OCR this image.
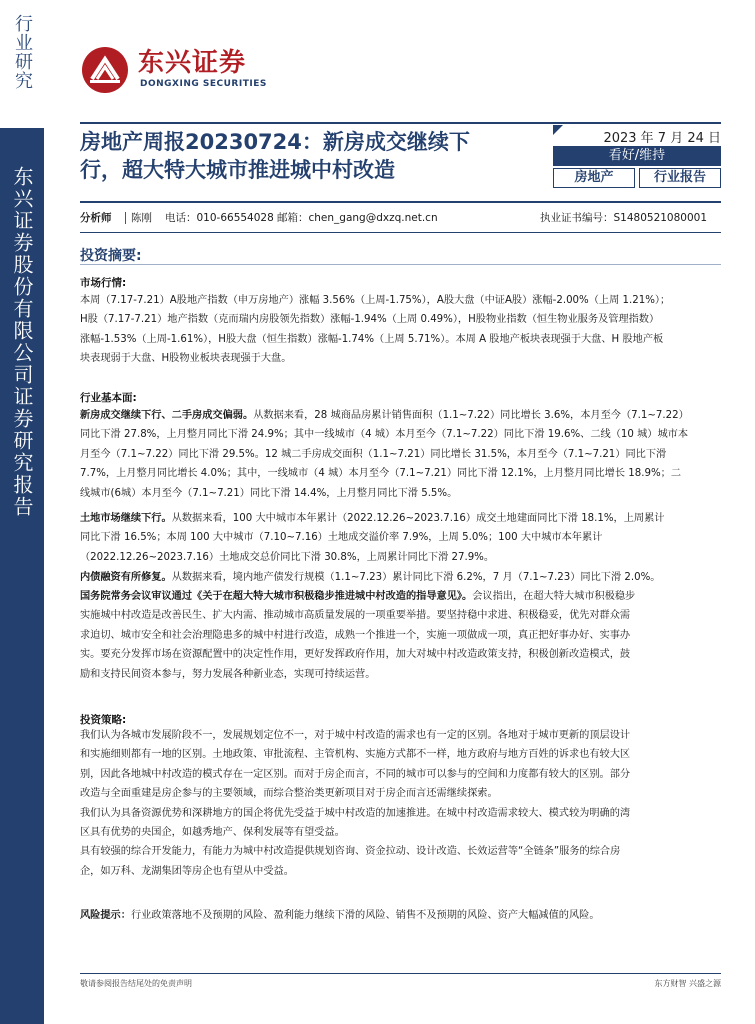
行业研究
东兴证券股份有限公司证券研究报告
东兴证券
DONGXING SECURITIES
房地产周报20230724：新房成交继续下
行，超大特大城市推进城中村改造
2023 年 7 月 24 日
看好/维持
房地产	行业报告
分析师 陈刚 电话：010-66554028 邮箱：chen_gang@dxzq.net.cn	执业证书编号：S1480521080001
投资摘要:
市场行情:
本周（7.17-7.21）A股地产指数（申万房地产）涨幅 3.56%（上周-1.75%），A股大盘（中证A股）涨幅-2.00%（上周 1.21%）；
H股（7.17-7.21）地产指数（克而瑞内房股领先指数）涨幅-1.94%（上周 0.49%），H股物业指数（恒生物业服务及管理指数）
涨幅-1.53%（上周-1.61%），H股大盘（恒生指数）涨幅-1.74%（上周 5.71%）。本周 A 股地产板块表现强于大盘、H 股地产板
块表现弱于大盘、H股物业板块表现强于大盘。
行业基本面:
新房成交继续下行、二手房成交偏弱。从数据来看，28 城商品房累计销售面积（1.1~7.22）同比增长 3.6%，本月至今（7.1~7.22）
同比下滑 27.8%，上月整月同比下滑 24.9%；其中一线城市（4 城）本月至今（7.1~7.22）同比下滑 19.6%、二线（10 城）城市本
月至今（7.1~7.22）同比下滑 29.5%。12 城二手房成交面积（1.1~7.21）同比增长 31.5%，本月至今（7.1~7.21）同比下滑
7.7%，上月整月同比增长 4.0%；其中，一线城市（4 城）本月至今（7.1~7.21）同比下滑 12.1%，上月整月同比增长 18.9%；二
线城市(6城）本月至今（7.1~7.21）同比下滑 14.4%，上月整月同比下滑 5.5%。
土地市场继续下行。从数据来看，100 大中城市本年累计（2022.12.26~2023.7.16）成交土地建面同比下滑 18.1%，上周累计
同比下滑 16.5%；本周 100 大中城市（7.10~7.16）土地成交溢价率 7.9%，上周 5.0%；100 大中城市本年累计
（2022.12.26~2023.7.16）土地成交总价同比下滑 30.8%，上周累计同比下滑 27.9%。
内债融资有所修复。从数据来看，境内地产债发行规模（1.1~7.23）累计同比下滑 6.2%，7 月（7.1~7.23）同比下滑 2.0%。
国务院常务会议审议通过《关于在超大特大城市积极稳步推进城中村改造的指导意见》。会议指出，在超大特大城市积极稳步
实施城中村改造是改善民生、扩大内需、推动城市高质量发展的一项重要举措。要坚持稳中求进、积极稳妥，优先对群众需
求迫切、城市安全和社会治理隐患多的城中村进行改造，成熟一个推进一个，实施一项做成一项，真正把好事办好、实事办
实。要充分发挥市场在资源配置中的决定性作用，更好发挥政府作用，加大对城中村改造政策支持，积极创新改造模式，鼓
励和支持民间资本参与，努力发展各种新业态，实现可持续运营。
投资策略:
我们认为各城市发展阶段不一，发展规划定位不一，对于城中村改造的需求也有一定的区别。各地对于城市更新的顶层设计
和实施细则都有一地的区别。土地政策、审批流程、主管机构、实施方式都不一样，地方政府与地方百姓的诉求也有较大区
别，因此各地城中村改造的模式存在一定区别。而对于房企而言，不同的城市可以参与的空间和力度都有较大的区别。部分
改造与全面重建是房企参与的主要领域，而综合整治类更新项目对于房企而言还需继续探索。
我们认为具备资源优势和深耕地方的国企将优先受益于城中村改造的加速推进。在城中村改造需求较大、模式较为明确的湾
区具有优势的央国企，如越秀地产、保利发展等有望受益。
具有较强的综合开发能力，有能力为城中村改造提供规划咨询、资金拉动、设计改造、长效运营等“全链条”服务的综合房
企，如万科、龙湖集团等房企也有望从中受益。
风险提示：行业政策落地不及预期的风险、盈利能力继续下滑的风险、销售不及预期的风险、资产大幅减值的风险。
敬请参阅报告结尾处的免责声明	东方财智 兴盛之源
